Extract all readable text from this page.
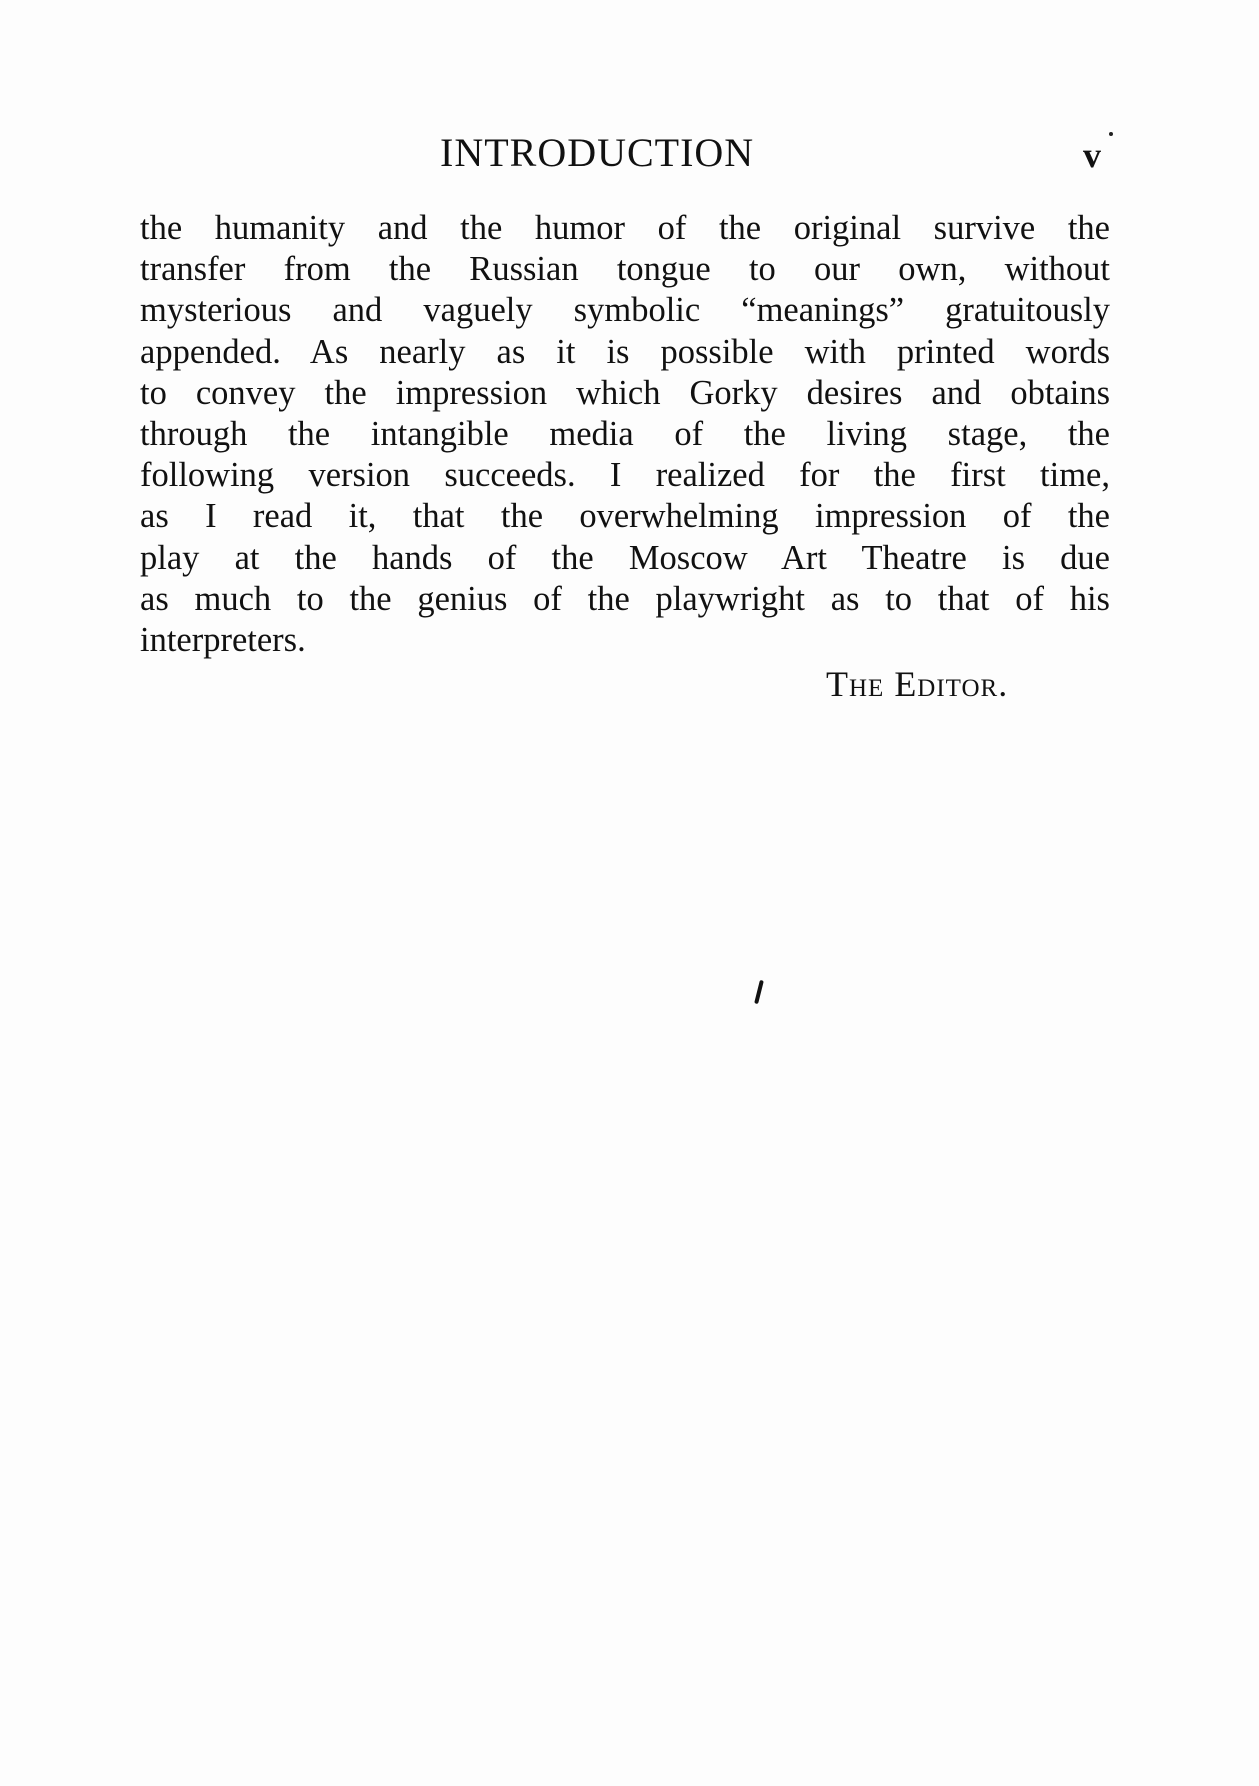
INTRODUCTION	v
the humanity and the humor of the original survive the
transfer from the Russian tongue to our own, without
mysterious and vaguely symbolic “meanings” gratuitously
appended. As nearly as it is possible with printed words
to convey the impression which Gorky desires and obtains
through the intangible media of the living stage, the
following version succeeds. I realized for the first time,
as I read it, that the overwhelming impression of the
play at the hands of the Moscow Art Theatre is due
as much to the genius of the playwright as to that of his
interpreters.
The Editor.
